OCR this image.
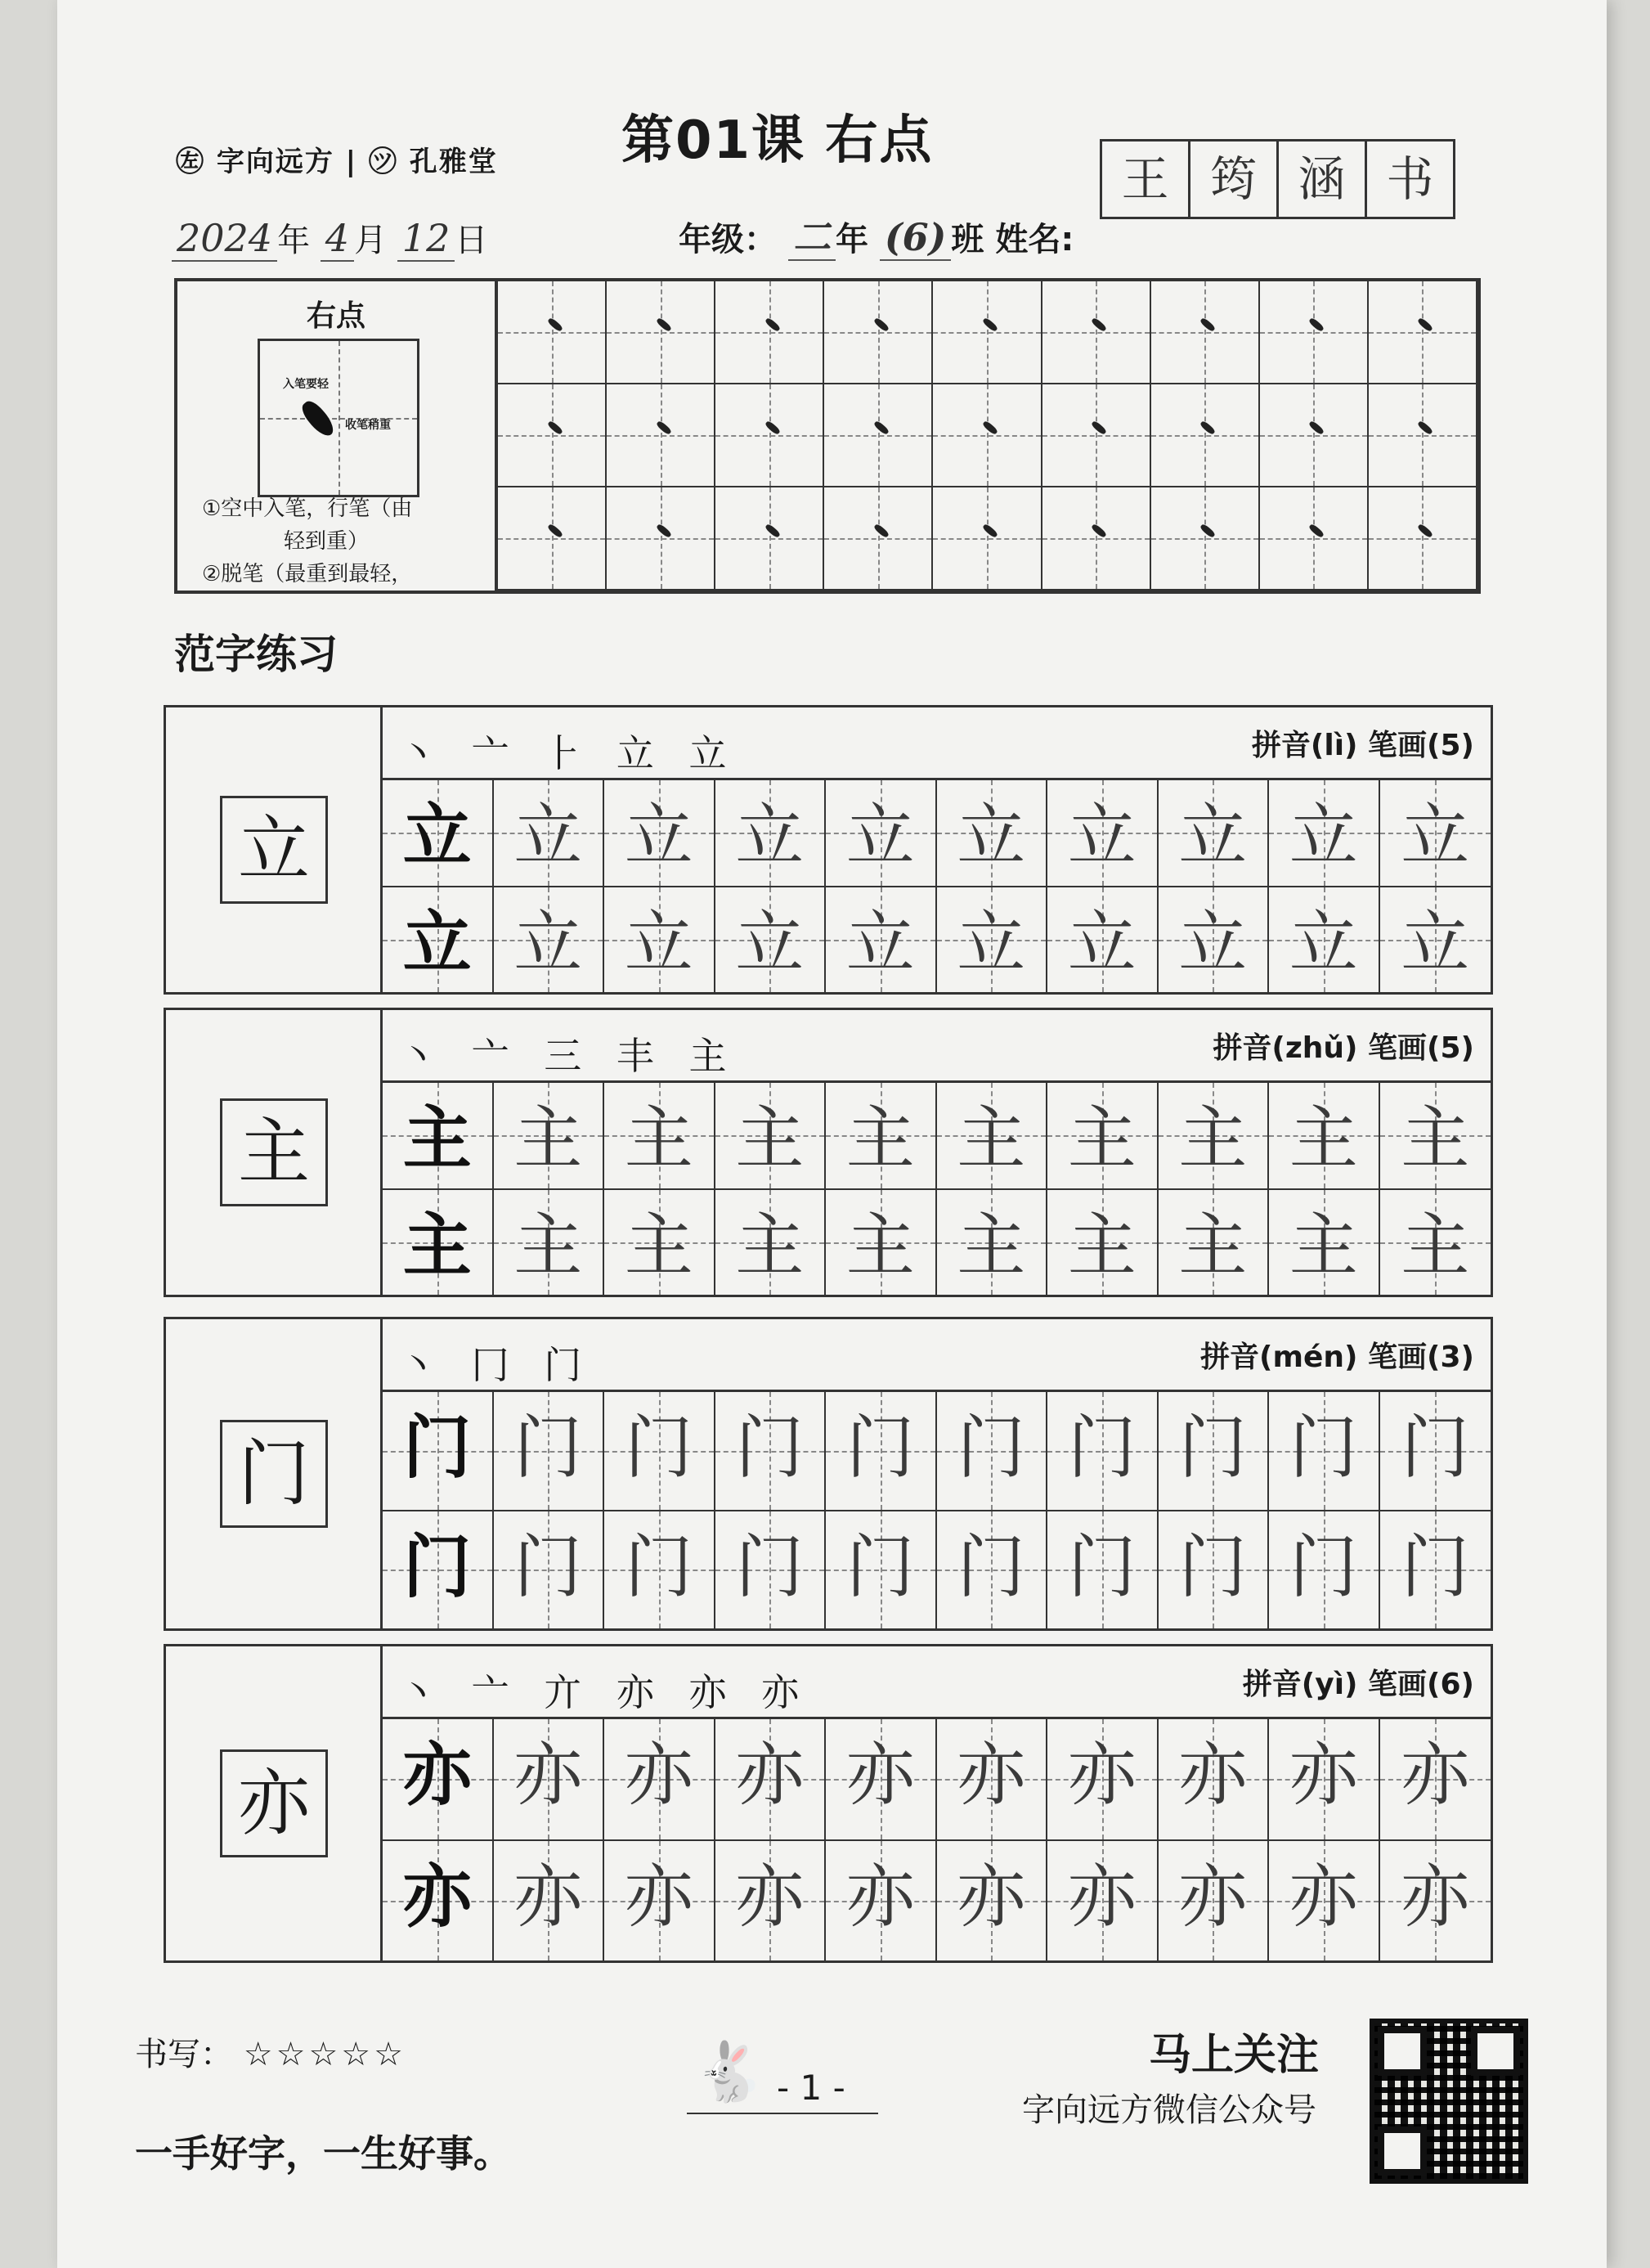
㊧ 字向远方 | ㋡ 孔雅堂 第01课 右点
2024 年 4 月 12 日	年级： 二 年 (6) 班 姓名:
王 筠 涵 书
右点
入笔要轻
收笔稍重
①空中入笔，行笔（由
轻到重）
②脱笔（最重到最轻，
范字练习
立
丶 亠 ⺊ 立 立	拼音(lì) 笔画(5)
立 立 立 立 立 立 立 立 立 立
立 立 立 立 立 立 立 立 立 立
主
丶 亠 三 丰 主	拼音(zhǔ) 笔画(5)
主 主 主 主 主 主 主 主 主 主
主 主 主 主 主 主 主 主 主 主
门
丶 冂 门	拼音(mén) 笔画(3)
门 门 门 门 门 门 门 门 门 门
门 门 门 门 门 门 门 门 门 门
亦
丶 亠 亣 亦 亦 亦	拼音(yì) 笔画(6)
亦 亦 亦 亦 亦 亦 亦 亦 亦 亦
亦 亦 亦 亦 亦 亦 亦 亦 亦 亦
书写： ☆☆☆☆☆	🐇 - 1 -
马上关注
字向远方微信公众号
一手好字，一生好事。
